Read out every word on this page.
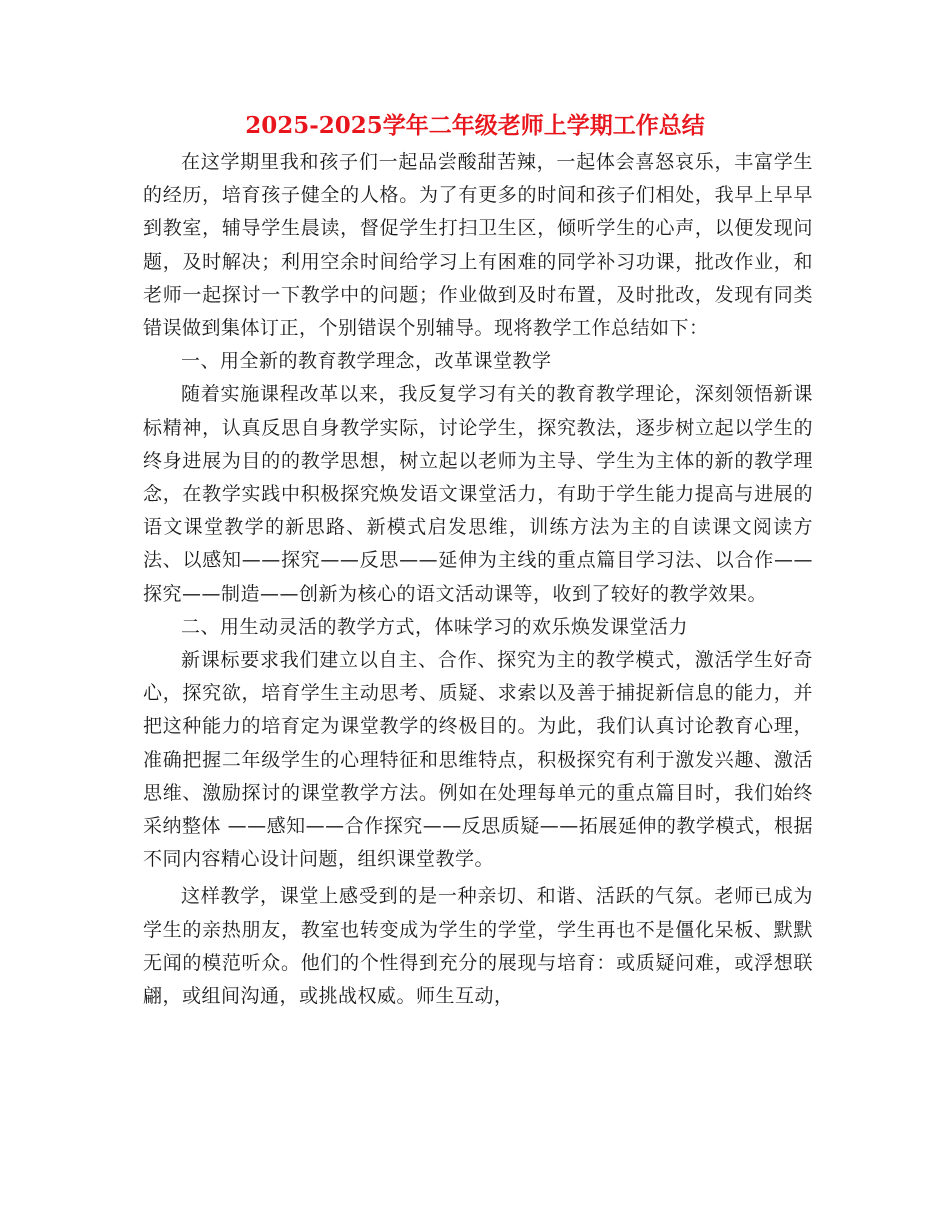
2025-2025学年二年级老师上学期工作总结

在这学期里我和孩子们一起品尝酸甜苦辣，一起体会喜怒哀乐，丰富学生的经历，培育孩子健全的人格。为了有更多的时间和孩子们相处，我早上早早到教室，辅导学生晨读，督促学生打扫卫生区，倾听学生的心声，以便发现问题，及时解决；利用空余时间给学习上有困难的同学补习功课，批改作业，和老师一起探讨一下教学中的问题；作业做到及时布置，及时批改，发现有同类错误做到集体订正，个别错误个别辅导。现将教学工作总结如下：

一、用全新的教育教学理念，改革课堂教学

随着实施课程改革以来，我反复学习有关的教育教学理论，深刻领悟新课标精神，认真反思自身教学实际，讨论学生，探究教法，逐步树立起以学生的终身进展为目的的教学思想，树立起以老师为主导、学生为主体的新的教学理念，在教学实践中积极探究焕发语文课堂活力，有助于学生能力提高与进展的语文课堂教学的新思路、新模式启发思维，训练方法为主的自读课文阅读方法、以感知——探究——反思——延伸为主线的重点篇目学习法、以合作——探究——制造——创新为核心的语文活动课等，收到了较好的教学效果。

二、用生动灵活的教学方式，体味学习的欢乐焕发课堂活力

新课标要求我们建立以自主、合作、探究为主的教学模式，激活学生好奇心，探究欲，培育学生主动思考、质疑、求索以及善于捕捉新信息的能力，并把这种能力的培育定为课堂教学的终极目的。为此，我们认真讨论教育心理，准确把握二年级学生的心理特征和思维特点，积极探究有利于激发兴趣、激活思维、激励探讨的课堂教学方法。例如在处理每单元的重点篇目时，我们始终采纳整体 ——感知——合作探究——反思质疑——拓展延伸的教学模式，根据不同内容精心设计问题，组织课堂教学。

这样教学，课堂上感受到的是一种亲切、和谐、活跃的气氛。老师已成为学生的亲热朋友，教室也转变成为学生的学堂，学生再也不是僵化呆板、默默无闻的模范听众。他们的个性得到充分的展现与培育：或质疑问难，或浮想联翩，或组间沟通，或挑战权威。师生互动，
